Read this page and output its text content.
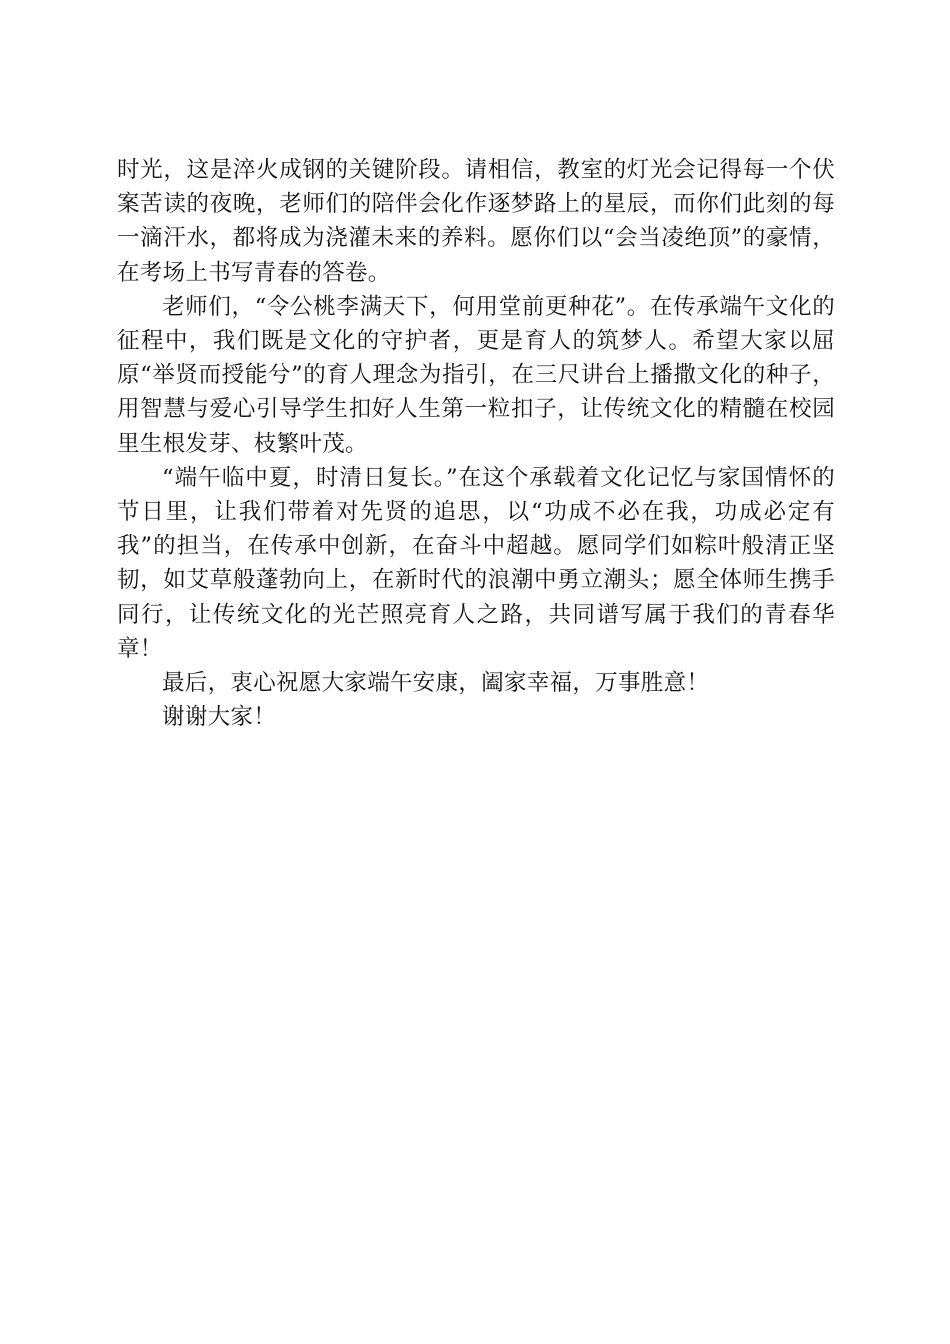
时光，这是淬火成钢的关键阶段。请相信，教室的灯光会记得每一个伏案苦读的夜晚，老师们的陪伴会化作逐梦路上的星辰，而你们此刻的每一滴汗水，都将成为浇灌未来的养料。愿你们以“会当凌绝顶”的豪情，在考场上书写青春的答卷。

老师们，“令公桃李满天下，何用堂前更种花”。在传承端午文化的征程中，我们既是文化的守护者，更是育人的筑梦人。希望大家以屈原“举贤而授能兮”的育人理念为指引，在三尺讲台上播撒文化的种子，用智慧与爱心引导学生扣好人生第一粒扣子，让传统文化的精髓在校园里生根发芽、枝繁叶茂。

“端午临中夏，时清日复长。”在这个承载着文化记忆与家国情怀的节日里，让我们带着对先贤的追思，以“功成不必在我，功成必定有我”的担当，在传承中创新，在奋斗中超越。愿同学们如粽叶般清正坚韧，如艾草般蓬勃向上，在新时代的浪潮中勇立潮头；愿全体师生携手同行，让传统文化的光芒照亮育人之路，共同谱写属于我们的青春华章！

最后，衷心祝愿大家端午安康，阖家幸福，万事胜意！

谢谢大家！
